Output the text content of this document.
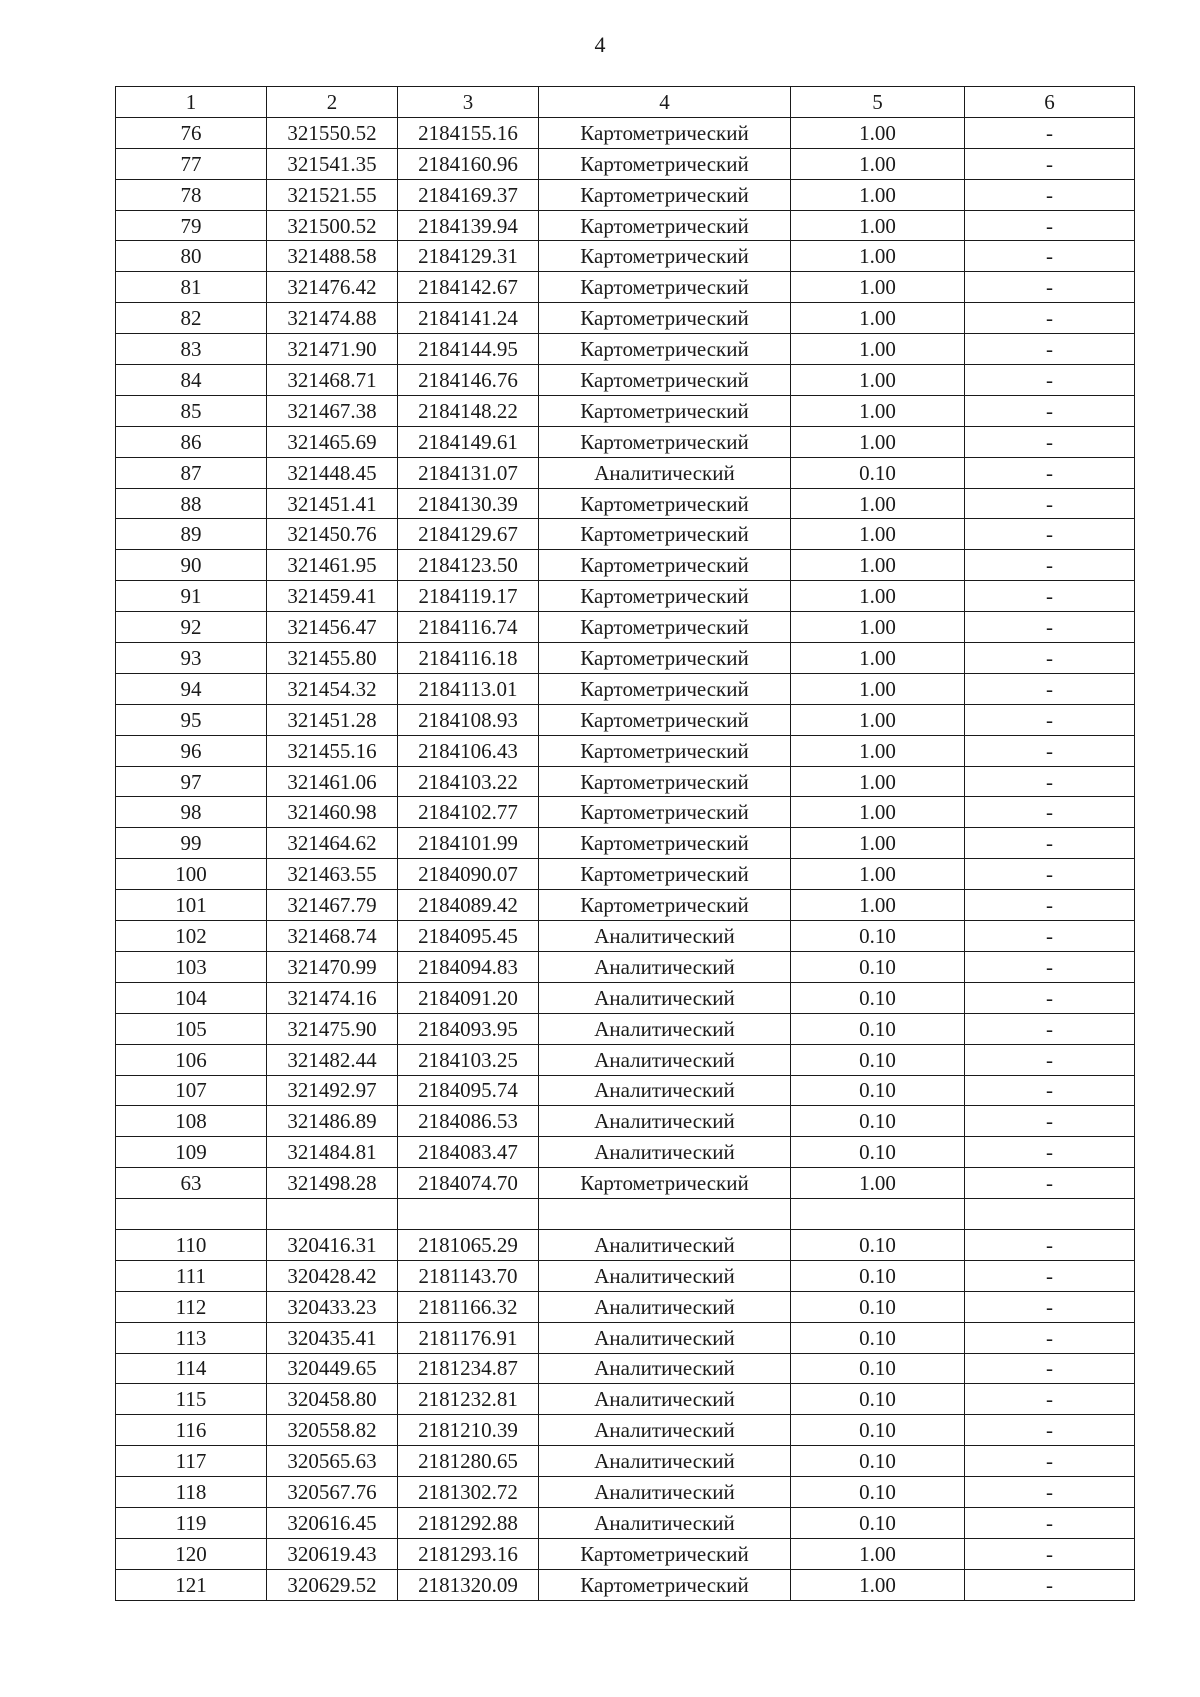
4
1	2	3	4	5	6
76	321550.52	2184155.16	Картометрический	1.00	-
77	321541.35	2184160.96	Картометрический	1.00	-
78	321521.55	2184169.37	Картометрический	1.00	-
79	321500.52	2184139.94	Картометрический	1.00	-
80	321488.58	2184129.31	Картометрический	1.00	-
81	321476.42	2184142.67	Картометрический	1.00	-
82	321474.88	2184141.24	Картометрический	1.00	-
83	321471.90	2184144.95	Картометрический	1.00	-
84	321468.71	2184146.76	Картометрический	1.00	-
85	321467.38	2184148.22	Картометрический	1.00	-
86	321465.69	2184149.61	Картометрический	1.00	-
87	321448.45	2184131.07	Аналитический	0.10	-
88	321451.41	2184130.39	Картометрический	1.00	-
89	321450.76	2184129.67	Картометрический	1.00	-
90	321461.95	2184123.50	Картометрический	1.00	-
91	321459.41	2184119.17	Картометрический	1.00	-
92	321456.47	2184116.74	Картометрический	1.00	-
93	321455.80	2184116.18	Картометрический	1.00	-
94	321454.32	2184113.01	Картометрический	1.00	-
95	321451.28	2184108.93	Картометрический	1.00	-
96	321455.16	2184106.43	Картометрический	1.00	-
97	321461.06	2184103.22	Картометрический	1.00	-
98	321460.98	2184102.77	Картометрический	1.00	-
99	321464.62	2184101.99	Картометрический	1.00	-
100	321463.55	2184090.07	Картометрический	1.00	-
101	321467.79	2184089.42	Картометрический	1.00	-
102	321468.74	2184095.45	Аналитический	0.10	-
103	321470.99	2184094.83	Аналитический	0.10	-
104	321474.16	2184091.20	Аналитический	0.10	-
105	321475.90	2184093.95	Аналитический	0.10	-
106	321482.44	2184103.25	Аналитический	0.10	-
107	321492.97	2184095.74	Аналитический	0.10	-
108	321486.89	2184086.53	Аналитический	0.10	-
109	321484.81	2184083.47	Аналитический	0.10	-
63	321498.28	2184074.70	Картометрический	1.00	-

110	320416.31	2181065.29	Аналитический	0.10	-
111	320428.42	2181143.70	Аналитический	0.10	-
112	320433.23	2181166.32	Аналитический	0.10	-
113	320435.41	2181176.91	Аналитический	0.10	-
114	320449.65	2181234.87	Аналитический	0.10	-
115	320458.80	2181232.81	Аналитический	0.10	-
116	320558.82	2181210.39	Аналитический	0.10	-
117	320565.63	2181280.65	Аналитический	0.10	-
118	320567.76	2181302.72	Аналитический	0.10	-
119	320616.45	2181292.88	Аналитический	0.10	-
120	320619.43	2181293.16	Картометрический	1.00	-
121	320629.52	2181320.09	Картометрический	1.00	-
